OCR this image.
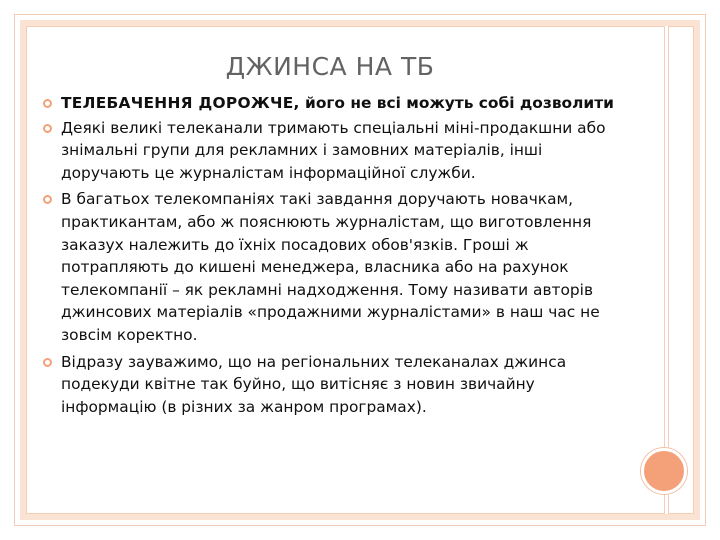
ДЖИНСА НА ТБ
ТЕЛЕБАЧЕННЯ ДОРОЖЧЕ, його не всі можуть собі дозволити
Деякі великі телеканали тримають спеціальні міні-продакшни або знімальні групи для рекламних і замовних матеріалів, інші доручають це журналістам інформаційної служби.
В багатьох телекомпаніях такі завдання доручають новачкам, практикантам, або ж пояснюють журналістам, що виготовлення заказух належить до їхніх посадових обов'язків. Гроші ж потрапляють до кишені менеджера, власника або на рахунок телекомпанії – як рекламні надходження. Тому називати авторів джинсових матеріалів «продажними журналістами» в наш час не зовсім коректно.
Відразу зауважимо, що на регіональних телеканалах джинса подекуди квітне так буйно, що витісняє з новин звичайну інформацію (в різних за жанром програмах).
